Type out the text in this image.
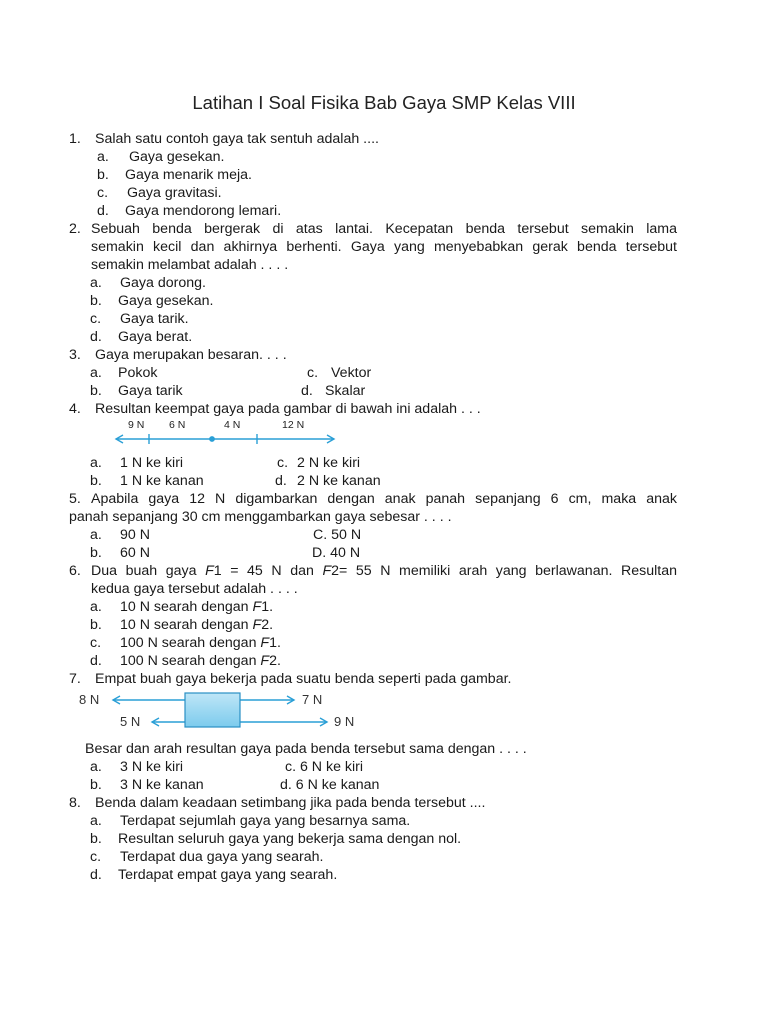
Latihan I Soal Fisika Bab Gaya SMP Kelas VIII
1. Salah satu contoh gaya tak sentuh adalah ....
a. Gaya gesekan.
b. Gaya menarik meja.
c. Gaya gravitasi.
d. Gaya mendorong lemari.
2. Sebuah benda bergerak di atas lantai. Kecepatan benda tersebut semakin lama
semakin kecil dan akhirnya berhenti. Gaya yang menyebabkan gerak benda tersebut
semakin melambat adalah . . . .
a. Gaya dorong.
b. Gaya gesekan.
c. Gaya tarik.
d. Gaya berat.
3. Gaya merupakan besaran. . . .
a. Pokok	c. Vektor
b. Gaya tarik	d. Skalar
4. Resultan keempat gaya pada gambar di bawah ini adalah . . .
9 N 6 N	4 N	12 N
a. 1 N ke kiri	c. 2 N ke kiri
b. 1 N ke kanan	d. 2 N ke kanan
5. Apabila gaya 12 N digambarkan dengan anak panah sepanjang 6 cm, maka anak
panah sepanjang 30 cm menggambarkan gaya sebesar . . . .
a. 90 N	C. 50 N
b. 60 N	D. 40 N
6. Dua buah gaya F1 = 45 N dan F2= 55 N memiliki arah yang berlawanan. Resultan
kedua gaya tersebut adalah . . . .
a. 10 N searah dengan F1.
b. 10 N searah dengan F2.
c. 100 N searah dengan F1.
d. 100 N searah dengan F2.
7. Empat buah gaya bekerja pada suatu benda seperti pada gambar.
8 N	7 N
5 N	9 N
Besar dan arah resultan gaya pada benda tersebut sama dengan . . . .
a. 3 N ke kiri	c. 6 N ke kiri
b. 3 N ke kanan	d. 6 N ke kanan
8. Benda dalam keadaan setimbang jika pada benda tersebut ....
a. Terdapat sejumlah gaya yang besarnya sama.
b. Resultan seluruh gaya yang bekerja sama dengan nol.
c. Terdapat dua gaya yang searah.
d. Terdapat empat gaya yang searah.
